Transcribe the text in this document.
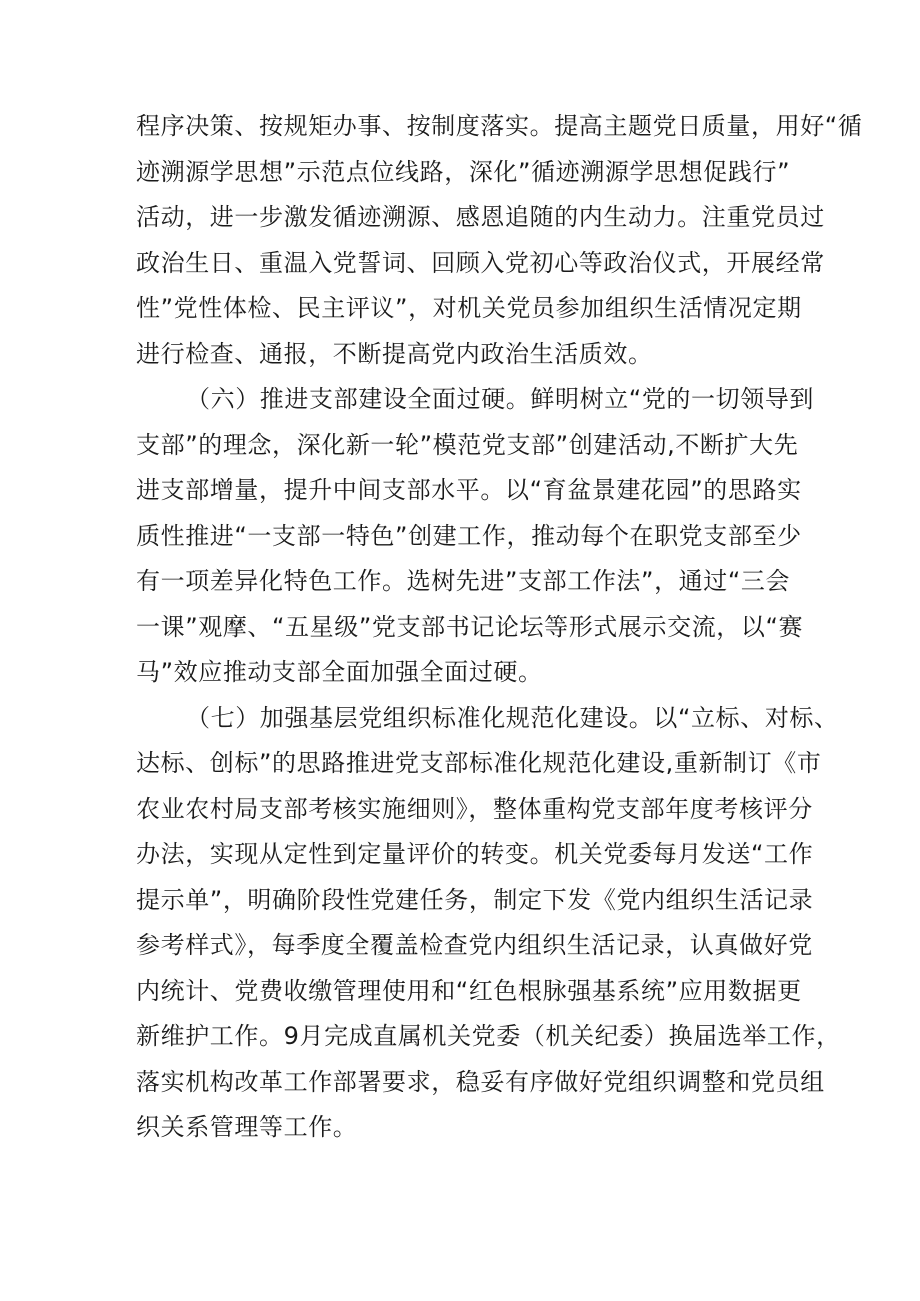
程序决策、按规矩办事、按制度落实。提高主题党日质量，用好“循
迹溯源学思想”示范点位线路，深化”循迹溯源学思想促践行”
活动，进一步激发循迹溯源、感恩追随的内生动力。注重党员过
政治生日、重温入党誓词、回顾入党初心等政治仪式，开展经常
性”党性体检、民主评议”，对机关党员参加组织生活情况定期
进行检查、通报，不断提高党内政治生活质效。
（六）推进支部建设全面过硬。鲜明树立“党的一切领导到
支部”的理念，深化新一轮”模范党支部”创建活动,不断扩大先
进支部增量，提升中间支部水平。以“育盆景建花园”的思路实
质性推进“一支部一特色”创建工作，推动每个在职党支部至少
有一项差异化特色工作。选树先进”支部工作法”，通过“三会
一课”观摩、“五星级”党支部书记论坛等形式展示交流，以“赛
马”效应推动支部全面加强全面过硬。
（七）加强基层党组织标准化规范化建设。以“立标、对标、
达标、创标”的思路推进党支部标准化规范化建设,重新制订《市
农业农村局支部考核实施细则》，整体重构党支部年度考核评分
办法，实现从定性到定量评价的转变。机关党委每月发送“工作
提示单”，明确阶段性党建任务，制定下发《党内组织生活记录
参考样式》，每季度全覆盖检查党内组织生活记录，认真做好党
内统计、党费收缴管理使用和“红色根脉强基系统”应用数据更
新维护工作。9月完成直属机关党委（机关纪委）换届选举工作，
落实机构改革工作部署要求，稳妥有序做好党组织调整和党员组
织关系管理等工作。
